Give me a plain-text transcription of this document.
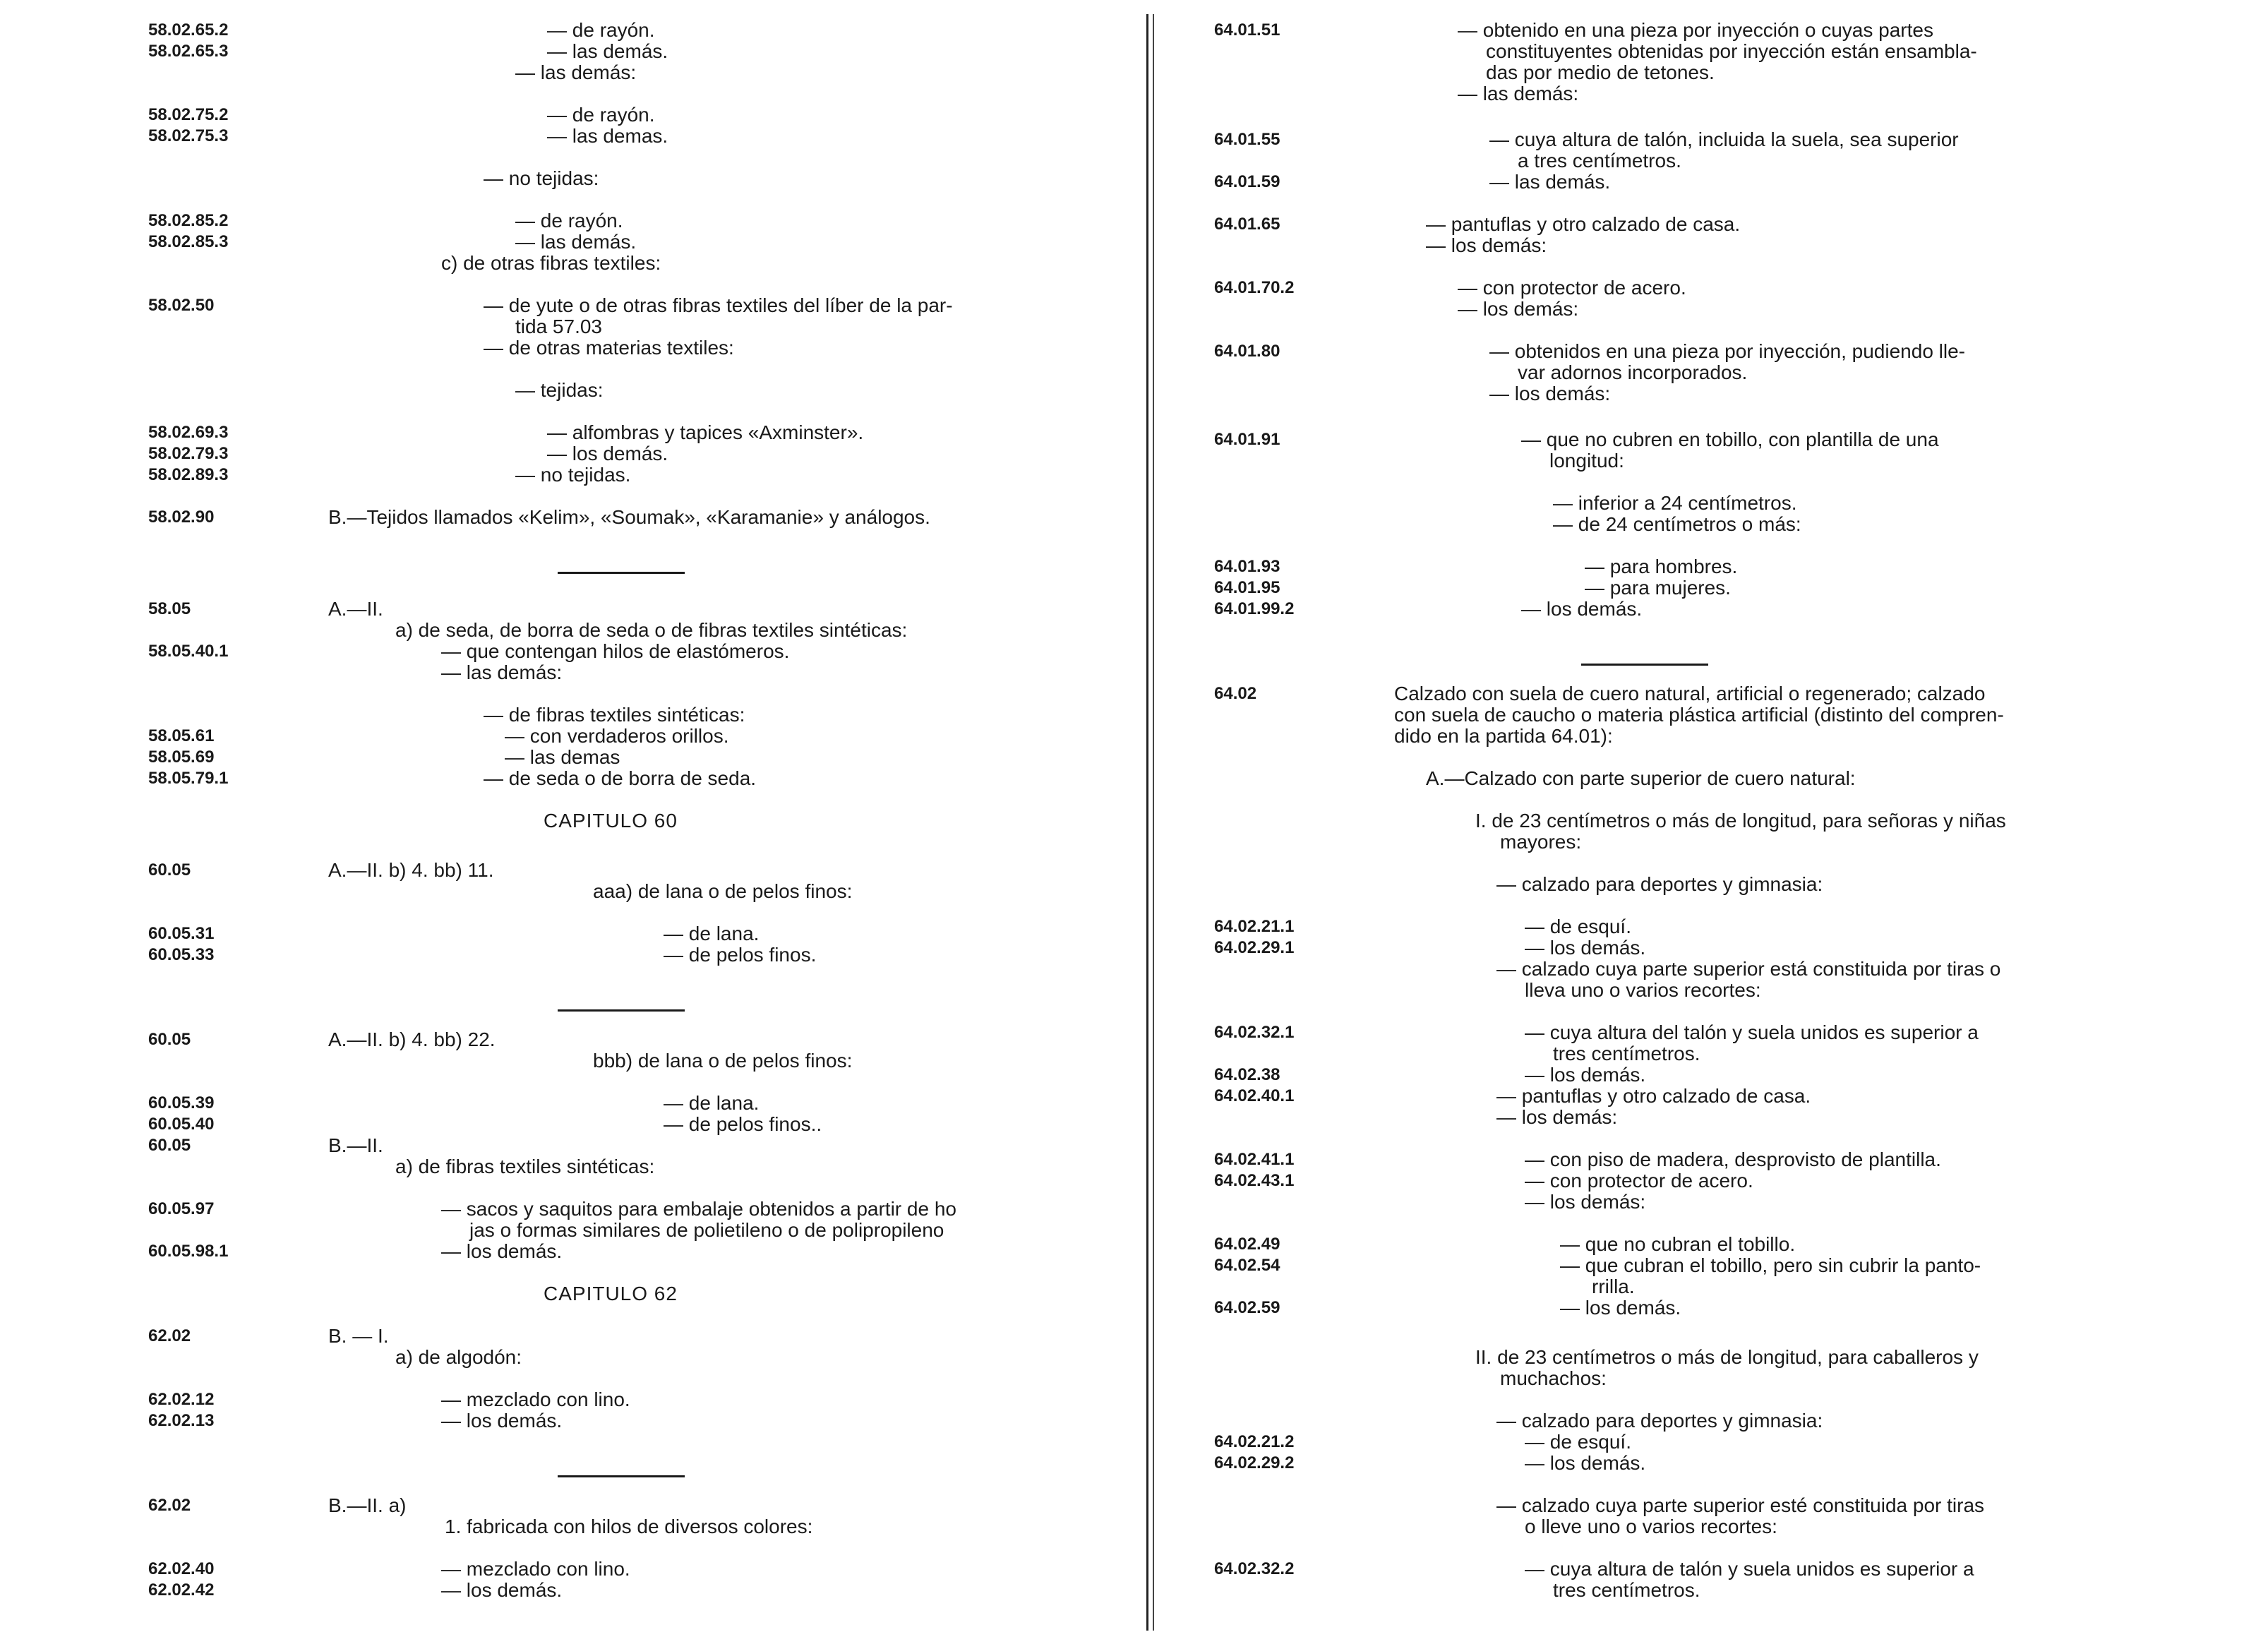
58.02.65.2	— de rayón.
58.02.65.3	— las demás.
— las demás:
58.02.75.2	— de rayón.
58.02.75.3	— las demas.
— no tejidas:
58.02.85.2	— de rayón.
58.02.85.3	— las demás.
c) de otras fibras textiles:
58.02.50	— de yute o de otras fibras textiles del líber de la par-
tida 57.03
— de otras materias textiles:
— tejidas:
58.02.69.3	— alfombras y tapices «Axminster».
58.02.79.3	— los demás.
58.02.89.3	— no tejidas.
58.02.90	B.—Tejidos llamados «Kelim», «Soumak», «Karamanie» y análogos.
58.05	A.—II.
a) de seda, de borra de seda o de fibras textiles sintéticas:
58.05.40.1	— que contengan hilos de elastómeros.
— las demás:
— de fibras textiles sintéticas:
58.05.61	— con verdaderos orillos.
58.05.69	— las demas
58.05.79.1	— de seda o de borra de seda.
CAPITULO 60
60.05	A.—II. b) 4. bb) 11.
aaa) de lana o de pelos finos:
60.05.31	— de lana.
60.05.33	— de pelos finos.
60.05	A.—II. b) 4. bb) 22.
bbb) de lana o de pelos finos:
60.05.39	— de lana.
60.05.40	— de pelos finos..
60.05	B.—II.
a) de fibras textiles sintéticas:
60.05.97	— sacos y saquitos para embalaje obtenidos a partir de ho
jas o formas similares de polietileno o de polipropileno
60.05.98.1	— los demás.
CAPITULO 62
62.02	B. — I.
a) de algodón:
62.02.12	— mezclado con lino.
62.02.13	— los demás.
62.02	B.—II. a)
1. fabricada con hilos de diversos colores:
62.02.40	— mezclado con lino.
62.02.42	— los demás.
64.01.51	— obtenido en una pieza por inyección o cuyas partes
constituyentes obtenidas por inyección están ensambla-
das por medio de tetones.
— las demás:
64.01.55	— cuya altura de talón, incluida la suela, sea superior
a tres centímetros.
64.01.59	— las demás.
64.01.65	— pantuflas y otro calzado de casa.
— los demás:
64.01.70.2	— con protector de acero.
— los demás:
64.01.80	— obtenidos en una pieza por inyección, pudiendo lle-
var adornos incorporados.
— los demás:
64.01.91	— que no cubren en tobillo, con plantilla de una
longitud:
— inferior a 24 centímetros.
— de 24 centímetros o más:
64.01.93	— para hombres.
64.01.95	— para mujeres.
64.01.99.2	— los demás.
64.02	Calzado con suela de cuero natural, artificial o regenerado; calzado
con suela de caucho o materia plástica artificial (distinto del compren-
dido en la partida 64.01):
A.—Calzado con parte superior de cuero natural:
I. de 23 centímetros o más de longitud, para señoras y niñas
mayores:
— calzado para deportes y gimnasia:
64.02.21.1	— de esquí.
64.02.29.1	— los demás.
— calzado cuya parte superior está constituida por tiras o
lleva uno o varios recortes:
64.02.32.1	— cuya altura del talón y suela unidos es superior a
tres centímetros.
64.02.38	— los demás.
64.02.40.1	— pantuflas y otro calzado de casa.
— los demás:
64.02.41.1	— con piso de madera, desprovisto de plantilla.
64.02.43.1	— con protector de acero.
— los demás:
64.02.49	— que no cubran el tobillo.
64.02.54	— que cubran el tobillo, pero sin cubrir la panto-
rrilla.
64.02.59	— los demás.
II. de 23 centímetros o más de longitud, para caballeros y
muchachos:
— calzado para deportes y gimnasia:
64.02.21.2	— de esquí.
64.02.29.2	— los demás.
— calzado cuya parte superior esté constituida por tiras
o lleve uno o varios recortes:
64.02.32.2	— cuya altura de talón y suela unidos es superior a
tres centímetros.
